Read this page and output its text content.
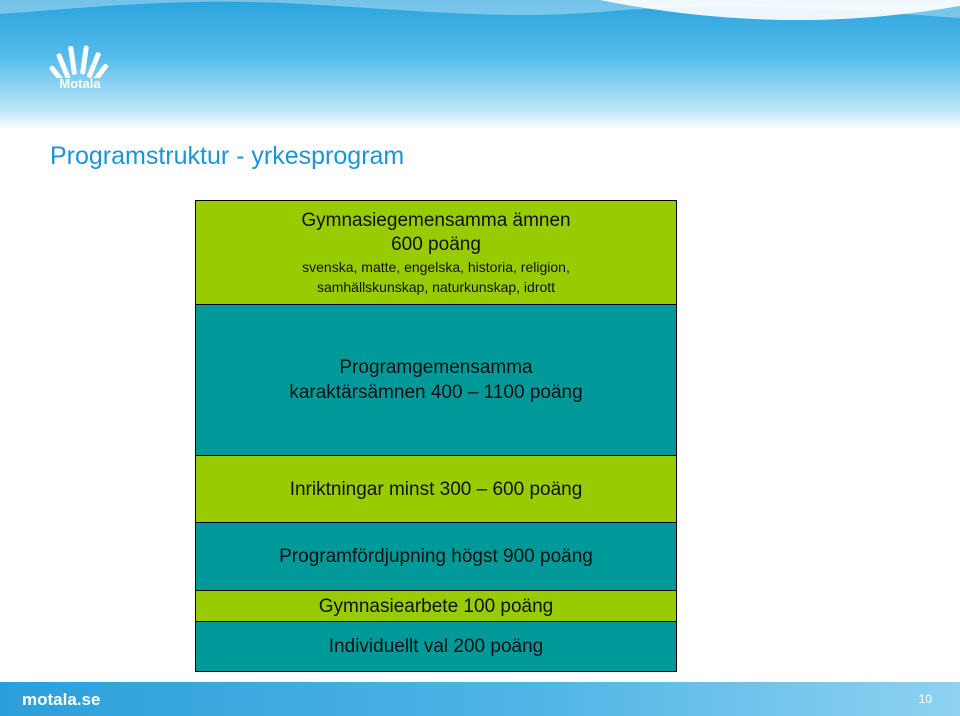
Motala
Programstruktur - yrkesprogram
Gymnasiegemensamma ämnen
600 poäng
svenska, matte, engelska, historia, religion,
samhällskunskap, naturkunskap, idrott
Programgemensamma
karaktärsämnen 400 – 1100 poäng
Inriktningar minst 300 – 600 poäng
Programfördjupning högst 900 poäng
Gymnasiearbete 100 poäng
Individuellt val 200 poäng
motala.se	10
